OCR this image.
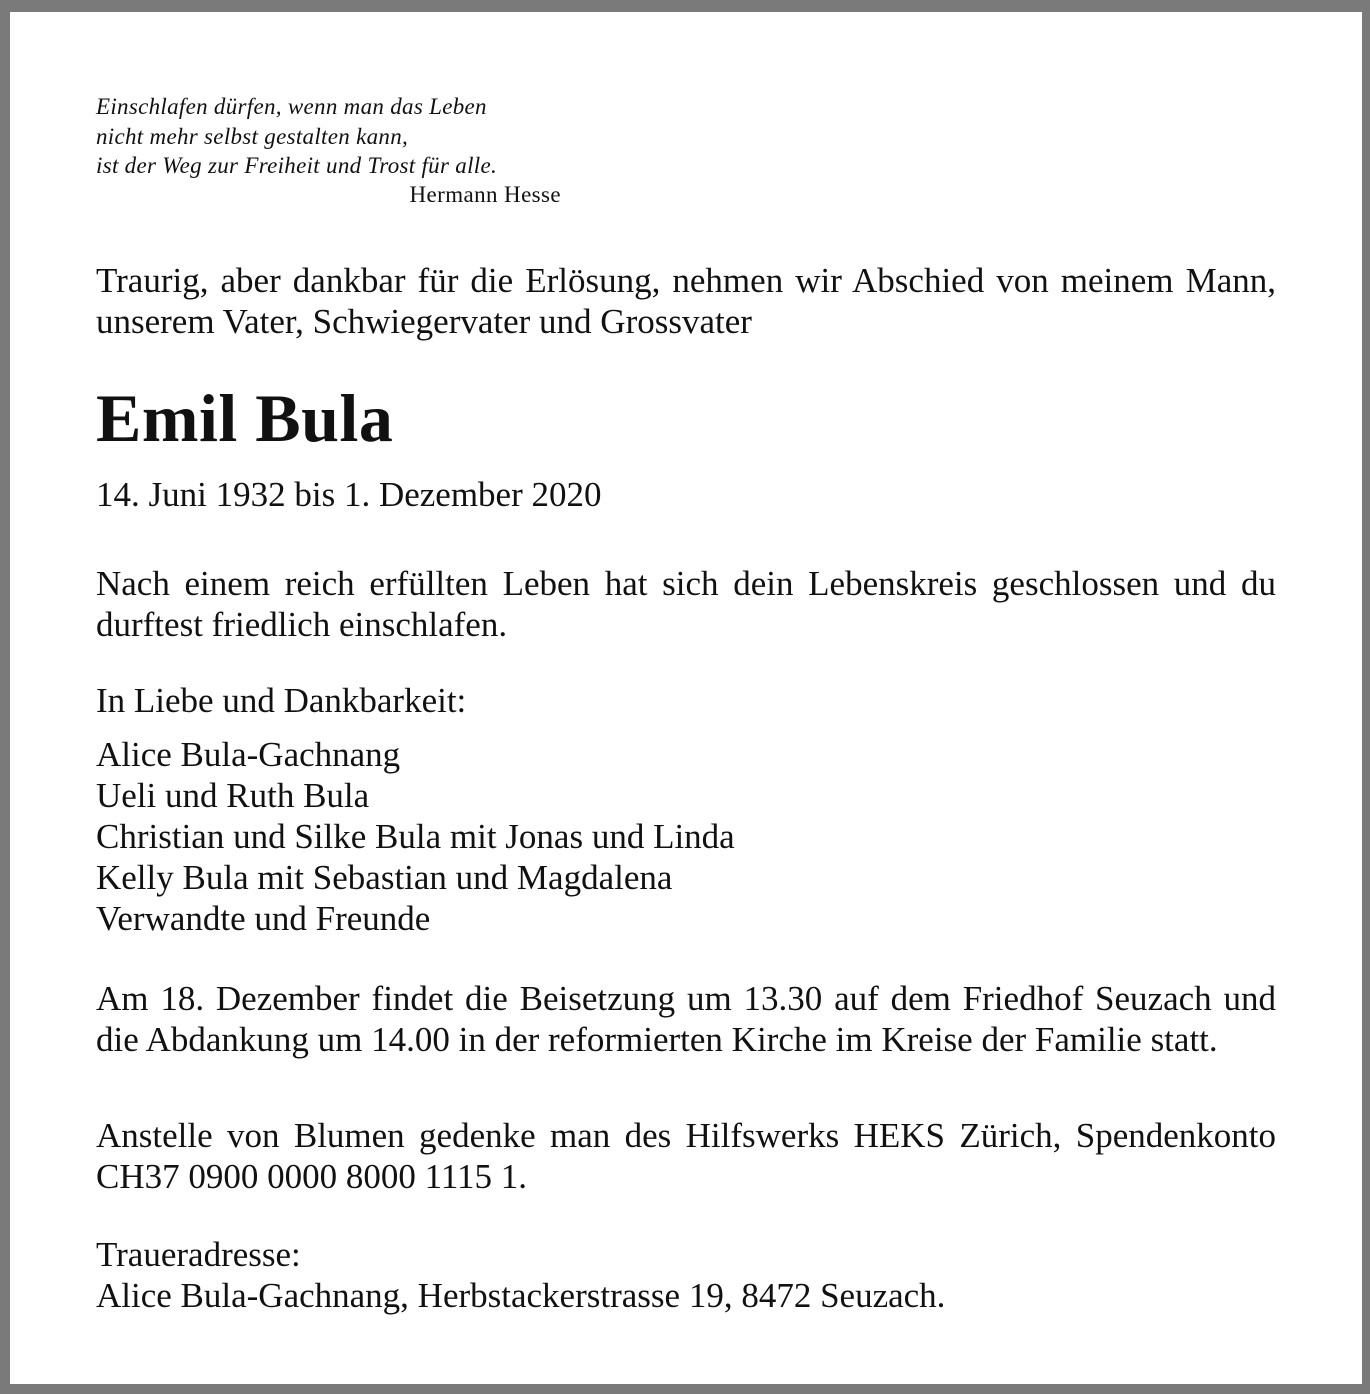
Einschlafen dürfen, wenn man das Leben
nicht mehr selbst gestalten kann,
ist der Weg zur Freiheit und Trost für alle.
Hermann Hesse
Traurig, aber dankbar für die Erlösung, nehmen wir Abschied von meinem Mann, unserem Vater, Schwiegervater und Grossvater
Emil Bula
14. Juni 1932 bis 1. Dezember 2020
Nach einem reich erfüllten Leben hat sich dein Lebenskreis geschlossen und du durftest friedlich einschlafen.
In Liebe und Dankbarkeit:
Alice Bula-Gachnang
Ueli und Ruth Bula
Christian und Silke Bula mit Jonas und Linda
Kelly Bula mit Sebastian und Magdalena
Verwandte und Freunde
Am 18. Dezember findet die Beisetzung um 13.30 auf dem Friedhof Seuzach und die Abdankung um 14.00 in der reformierten Kirche im Kreise der Familie statt.
Anstelle von Blumen gedenke man des Hilfswerks HEKS Zürich, Spendenkonto CH37 0900 0000 8000 1115 1.
Traueradresse:
Alice Bula-Gachnang, Herbstackerstrasse 19, 8472 Seuzach.
